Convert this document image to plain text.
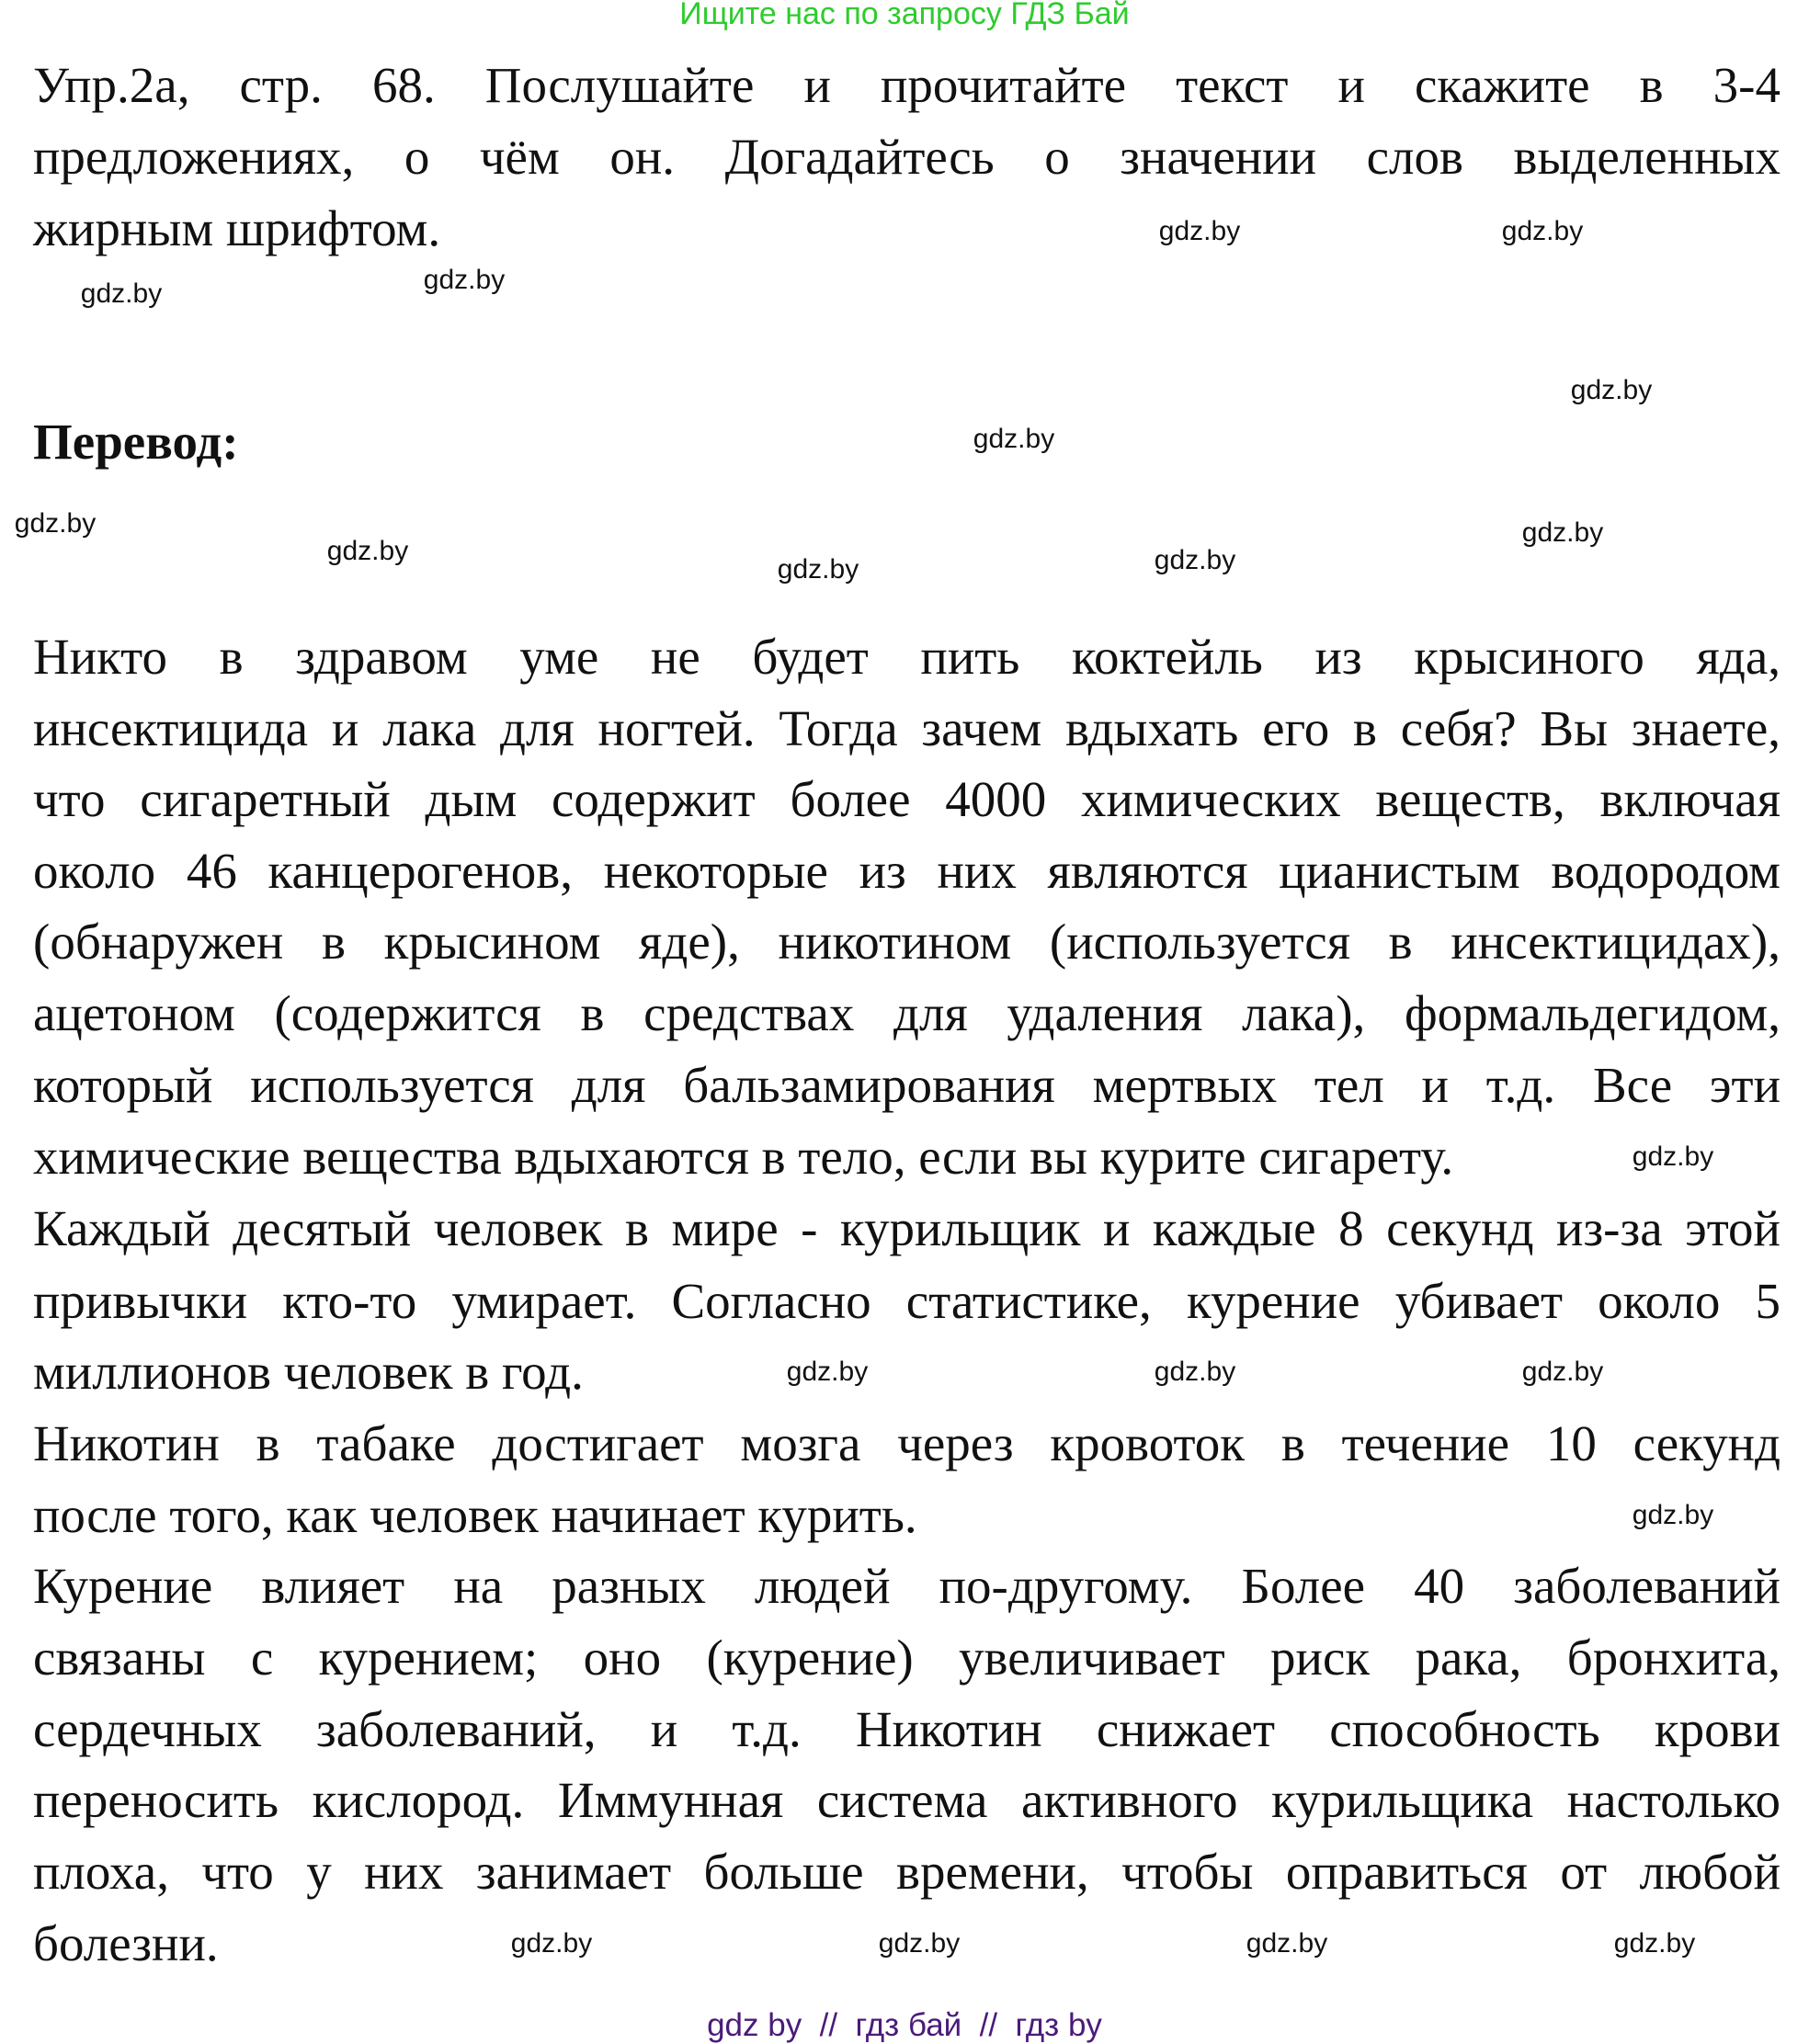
Ищите нас по запросу ГДЗ Бай
Упр.2а, стр. 68. Послушайте и прочитайте текст и скажите в 3-4
предложениях, о чём он. Догадайтесь о значении слов выделенных
жирным шрифтом.
Перевод:
Никто в здравом уме не будет пить коктейль из крысиного яда,
инсектицида и лака для ногтей. Тогда зачем вдыхать его в себя? Вы знаете,
что сигаретный дым содержит более 4000 химических веществ, включая
около 46 канцерогенов, некоторые из них являются цианистым водородом
(обнаружен в крысином яде), никотином (используется в инсектицидах),
ацетоном (содержится в средствах для удаления лака), формальдегидом,
который используется для бальзамирования мертвых тел и т.д. Все эти
химические вещества вдыхаются в тело, если вы курите сигарету.
Каждый десятый человек в мире - курильщик и каждые 8 секунд из-за этой
привычки кто-то умирает. Согласно статистике, курение убивает около 5
миллионов человек в год.
Никотин в табаке достигает мозга через кровоток в течение 10 секунд
после того, как человек начинает курить.
Курение влияет на разных людей по-другому. Более 40 заболеваний
связаны с курением; оно (курение) увеличивает риск рака, бронхита,
сердечных заболеваний, и т.д. Никотин снижает способность крови
переносить кислород. Иммунная система активного курильщика настолько
плоха, что у них занимает больше времени, чтобы оправиться от любой
болезни.
gdz.by
gdz.by
gdz.by
gdz.by
gdz.by
gdz.by
gdz.by
gdz.by
gdz.by
gdz.by
gdz.by	gdz.by	gdz.by
gdz.by
gdz.by
gdz.by	gdz.by	gdz.by	gdz.by
gdz.by
gdz by  //  гдз бай  //  гдз by
